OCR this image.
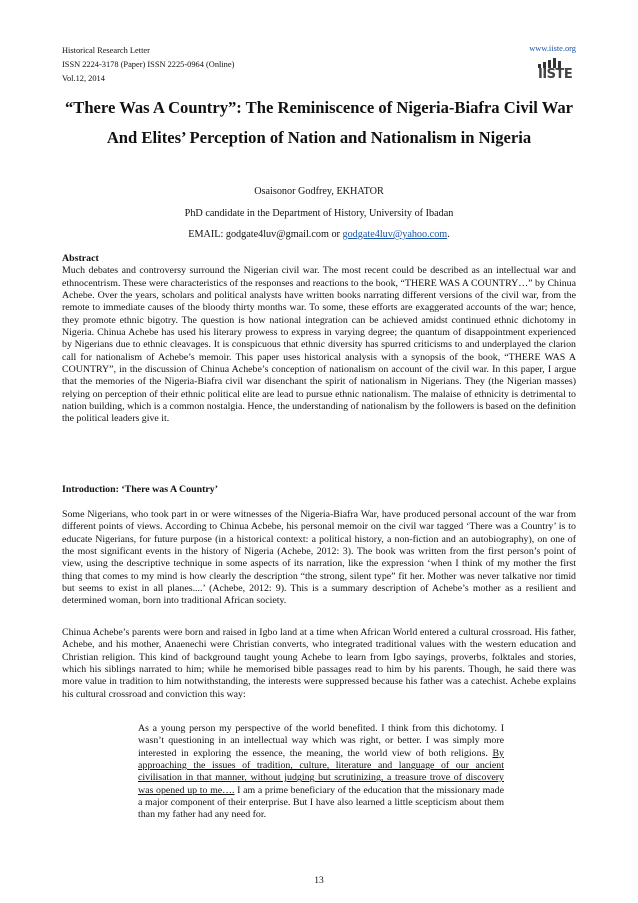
Historical Research Letter
ISSN 2224-3178 (Paper) ISSN 2225-0964 (Online)
Vol.12, 2014
www.iiste.org
IISTE
“There Was A Country”: The Reminiscence of Nigeria-Biafra Civil War And Elites’ Perception of Nation and Nationalism in Nigeria
Osaisonor Godfrey, EKHATOR
PhD candidate in the Department of History, University of Ibadan
EMAIL: godgate4luv@gmail.com or godgate4luv@yahoo.com.
Abstract
Much debates and controversy surround the Nigerian civil war. The most recent could be described as an intellectual war and ethnocentrism. These were characteristics of the responses and reactions to the book, “THERE WAS A COUNTRY…” by Chinua Achebe. Over the years, scholars and political analysts have written books narrating different versions of the civil war, from the remote to immediate causes of the bloody thirty months war. To some, these efforts are exaggerated accounts of the war; hence, they promote ethnic bigotry. The question is how national integration can be achieved amidst continued ethnic dichotomy in Nigeria. Chinua Achebe has used his literary prowess to express in varying degree; the quantum of disappointment experienced by Nigerians due to ethnic cleavages. It is conspicuous that ethnic diversity has spurred criticisms to and underplayed the clarion call for nationalism of Achebe’s memoir. This paper uses historical analysis with a synopsis of the book, “THERE WAS A COUNTRY”, in the discussion of Chinua Achebe’s conception of nationalism on account of the civil war. In this paper, I argue that the memories of the Nigeria-Biafra civil war disenchant the spirit of nationalism in Nigerians. They (the Nigerian masses) relying on perception of their ethnic political elite are lead to pursue ethnic nationalism. The malaise of ethnicity is detrimental to nation building, which is a common nostalgia. Hence, the understanding of nationalism by the followers is based on the definition the political leaders give it.
Introduction: ‘There was A Country’
Some Nigerians, who took part in or were witnesses of the Nigeria-Biafra War, have produced personal account of the war from different points of views. According to Chinua Acbebe, his personal memoir on the civil war tagged ‘There was a Country’ is to educate Nigerians, for future purpose (in a historical context: a political history, a non-fiction and an autobiography), on one of the most significant events in the history of Nigeria (Achebe, 2012: 3). The book was written from the first person’s point of view, using the descriptive technique in some aspects of its narration, like the expression ‘when I think of my mother the first thing that comes to my mind is how clearly the description “the strong, silent type” fit her. Mother was never talkative nor timid but seems to exist in all planes....’ (Achebe, 2012: 9). This is a summary description of Achebe’s mother as a resilient and determined woman, born into traditional African society.
Chinua Achebe’s parents were born and raised in Igbo land at a time when African World entered a cultural crossroad. His father, Achebe, and his mother, Anaenechi were Christian converts, who integrated traditional values with the western education and Christian religion. This kind of background taught young Achebe to learn from Igbo sayings, proverbs, folktales and stories, which his siblings narrated to him; while he memorised bible passages read to him by his parents. Though, he said there was more value in tradition to him notwithstanding, the interests were suppressed because his father was a catechist. Achebe explains his cultural crossroad and conviction this way:
As a young person my perspective of the world benefited. I think from this dichotomy. I wasn’t questioning in an intellectual way which was right, or better. I was simply more interested in exploring the essence, the meaning, the world view of both religions. By approaching the issues of tradition, culture, literature and language of our ancient civilisation in that manner, without judging but scrutinizing, a treasure trove of discovery was opened up to me…. I am a prime beneficiary of the education that the missionary made a major component of their enterprise. But I have also learned a little scepticism about them than my father had any need for.
13
